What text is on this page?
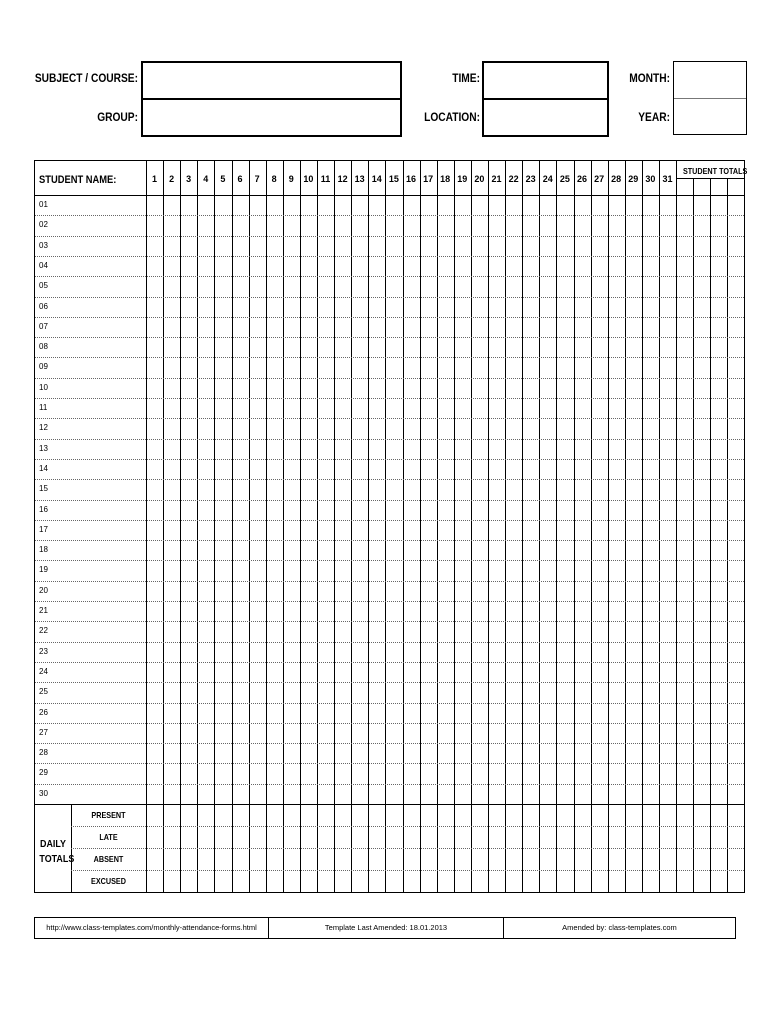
SUBJECT / COURSE:
GROUP:
TIME:
LOCATION:
MONTH:
YEAR:
STUDENT NAME:
STUDENT TOTALS
DAILY
TOTALS
1	2	3	4	5	6	7	8	9	10 11 12 13 14 15 16 17 18 19 20 21 22 23 24 25 26 27 28 29 30 31
01
02
03
04
05
06
07
08
09
10
11
12
13
14
15
16
17
18
19
20
21
22
23
24
25
26
27
28
29
30
PRESENT
LATE
ABSENT
EXCUSED
http://www.class-templates.com/monthly-attendance-forms.html	Template Last Amended: 18.01.2013	Amended by: class-templates.com
